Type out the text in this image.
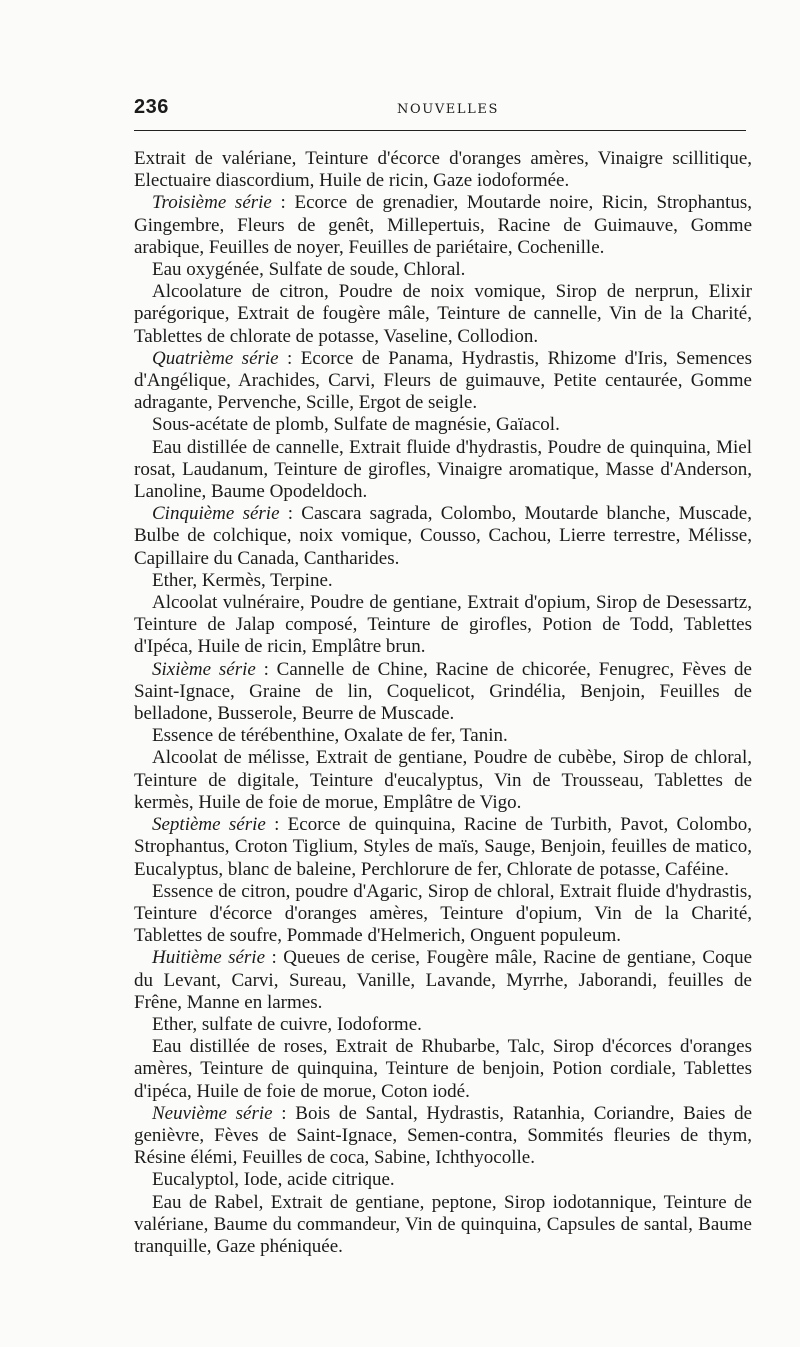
236	NOUVELLES

Extrait de valériane, Teinture d'écorce d'oranges amères, Vinaigre scillitique, Electuaire diascordium, Huile de ricin, Gaze iodoformée.

Troisième série : Ecorce de grenadier, Moutarde noire, Ricin, Strophantus, Gingembre, Fleurs de genêt, Millepertuis, Racine de Guimauve, Gomme arabique, Feuilles de noyer, Feuilles de pariétaire, Cochenille.

Eau oxygénée, Sulfate de soude, Chloral.

Alcoolature de citron, Poudre de noix vomique, Sirop de nerprun, Elixir parégorique, Extrait de fougère mâle, Teinture de cannelle, Vin de la Charité, Tablettes de chlorate de potasse, Vaseline, Collodion.

Quatrième série : Ecorce de Panama, Hydrastis, Rhizome d'Iris, Semences d'Angélique, Arachides, Carvi, Fleurs de guimauve, Petite centaurée, Gomme adragante, Pervenche, Scille, Ergot de seigle.

Sous-acétate de plomb, Sulfate de magnésie, Gaïacol.

Eau distillée de cannelle, Extrait fluide d'hydrastis, Poudre de quinquina, Miel rosat, Laudanum, Teinture de girofles, Vinaigre aromatique, Masse d'Anderson, Lanoline, Baume Opodeldoch.

Cinquième série : Cascara sagrada, Colombo, Moutarde blanche, Muscade, Bulbe de colchique, noix vomique, Cousso, Cachou, Lierre terrestre, Mélisse, Capillaire du Canada, Cantharides.

Ether, Kermès, Terpine.

Alcoolat vulnéraire, Poudre de gentiane, Extrait d'opium, Sirop de Desessartz, Teinture de Jalap composé, Teinture de girofles, Potion de Todd, Tablettes d'Ipéca, Huile de ricin, Emplâtre brun.

Sixième série : Cannelle de Chine, Racine de chicorée, Fenugrec, Fèves de Saint-Ignace, Graine de lin, Coquelicot, Grindélia, Benjoin, Feuilles de belladone, Busserole, Beurre de Muscade.

Essence de térébenthine, Oxalate de fer, Tanin.

Alcoolat de mélisse, Extrait de gentiane, Poudre de cubèbe, Sirop de chloral, Teinture de digitale, Teinture d'eucalyptus, Vin de Trousseau, Tablettes de kermès, Huile de foie de morue, Emplâtre de Vigo.

Septième série : Ecorce de quinquina, Racine de Turbith, Pavot, Colombo, Strophantus, Croton Tiglium, Styles de maïs, Sauge, Benjoin, feuilles de matico, Eucalyptus, blanc de baleine, Perchlorure de fer, Chlorate de potasse, Caféine.

Essence de citron, poudre d'Agaric, Sirop de chloral, Extrait fluide d'hydrastis, Teinture d'écorce d'oranges amères, Teinture d'opium, Vin de la Charité, Tablettes de soufre, Pommade d'Helmerich, Onguent populeum.

Huitième série : Queues de cerise, Fougère mâle, Racine de gentiane, Coque du Levant, Carvi, Sureau, Vanille, Lavande, Myrrhe, Jaborandi, feuilles de Frêne, Manne en larmes.

Ether, sulfate de cuivre, Iodoforme.

Eau distillée de roses, Extrait de Rhubarbe, Talc, Sirop d'écorces d'oranges amères, Teinture de quinquina, Teinture de benjoin, Potion cordiale, Tablettes d'ipéca, Huile de foie de morue, Coton iodé.

Neuvième série : Bois de Santal, Hydrastis, Ratanhia, Coriandre, Baies de genièvre, Fèves de Saint-Ignace, Semen-contra, Sommités fleuries de thym, Résine élémi, Feuilles de coca, Sabine, Ichthyocolle.

Eucalyptol, Iode, acide citrique.

Eau de Rabel, Extrait de gentiane, peptone, Sirop iodotannique, Teinture de valériane, Baume du commandeur, Vin de quinquina, Capsules de santal, Baume tranquille, Gaze phéniquée.
